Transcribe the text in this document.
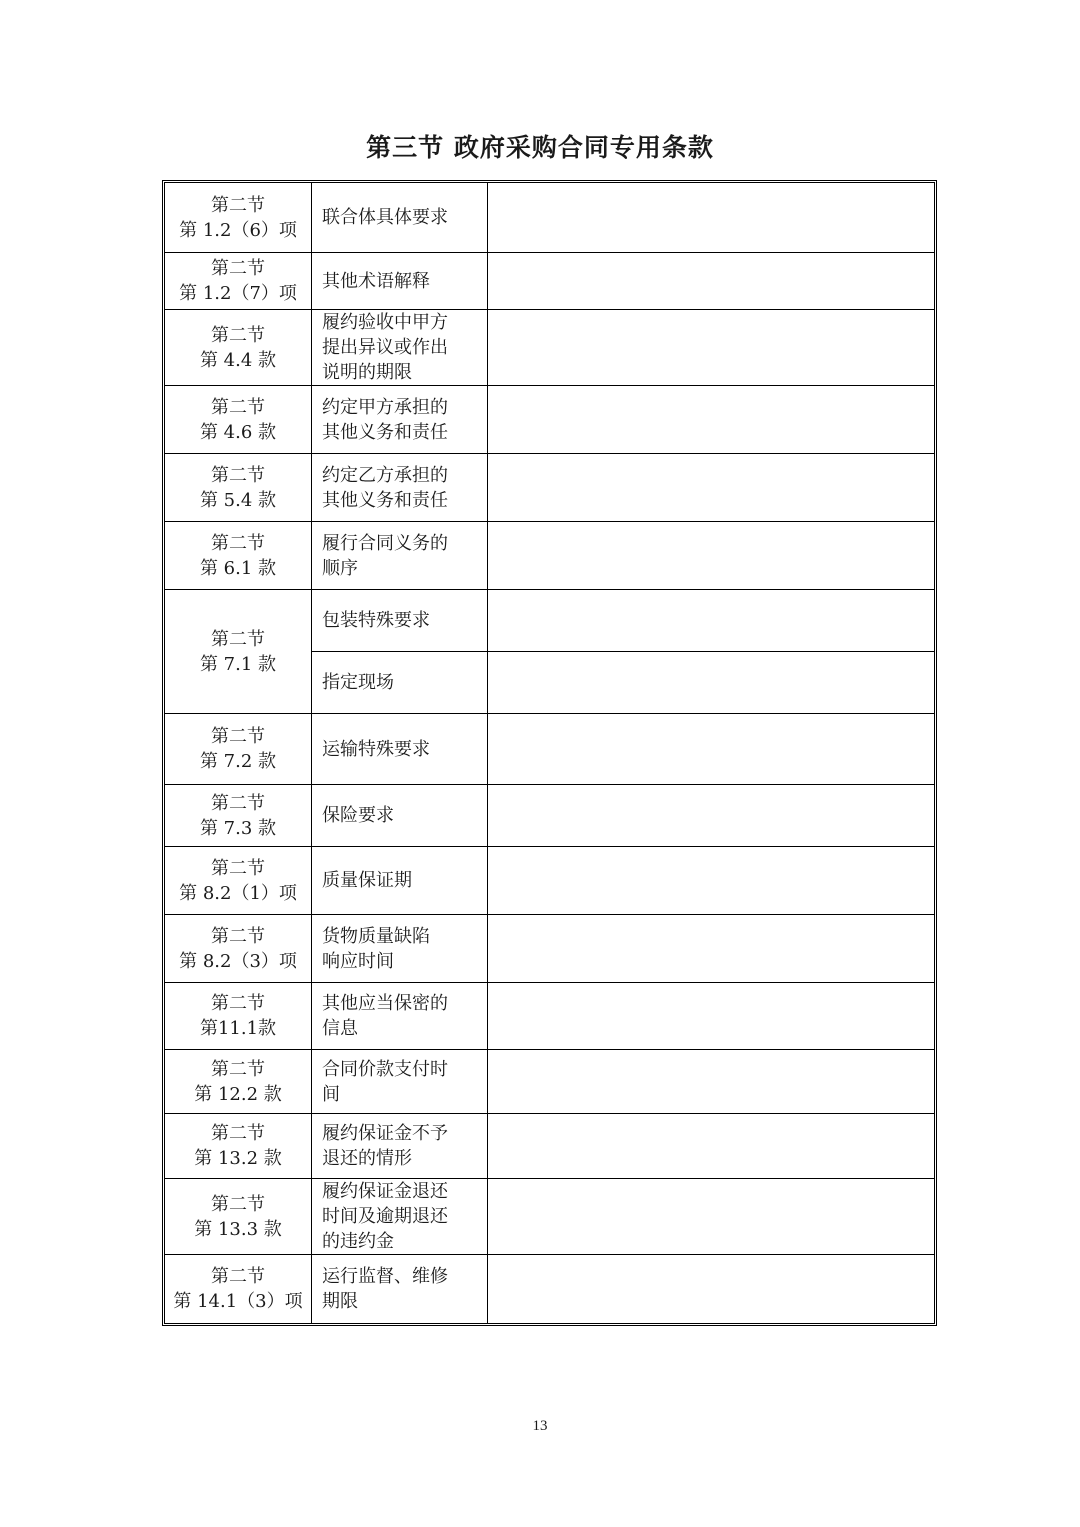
第三节 政府采购合同专用条款
第二节
第 1.2（6）项	联合体具体要求	

第二节
第 1.2（7）项	其他术语解释	

第二节
第 4.4 款	履约验收中甲方
提出异议或作出
说明的期限	

第二节
第 4.6 款	约定甲方承担的
其他义务和责任	

第二节
第 5.4 款	约定乙方承担的
其他义务和责任	

第二节
第 6.1 款	履行合同义务的
顺序	

第二节
第 7.1 款	包装特殊要求	

	指定现场	

第二节
第 7.2 款	运输特殊要求	

第二节
第 7.3 款	保险要求	

第二节
第 8.2（1）项	质量保证期	

第二节
第 8.2（3）项	货物质量缺陷
响应时间	

第二节
第11.1款	其他应当保密的
信息	

第二节
第 12.2 款	合同价款支付时
间	

第二节
第 13.2 款	履约保证金不予
退还的情形	

第二节
第 13.3 款	履约保证金退还
时间及逾期退还
的违约金	

第二节
第 14.1（3）项	运行监督、维修
期限	

13
